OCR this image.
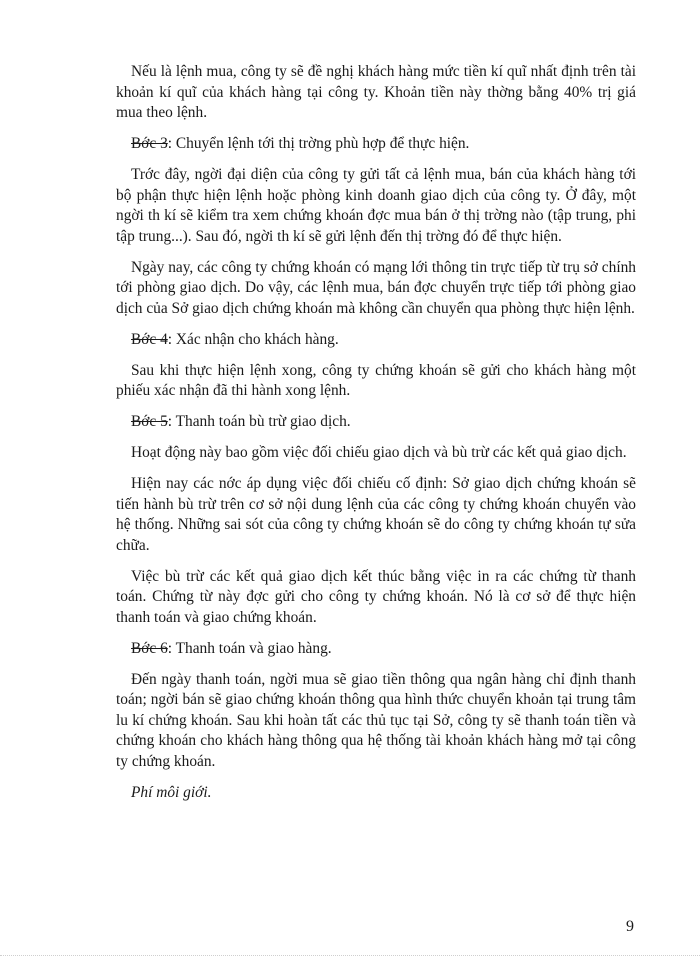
Nếu là lệnh mua, công ty sẽ đề nghị khách hàng mức tiền kí quĩ nhất định trên tài khoản kí quĩ của khách hàng tại công ty. Khoản tiền này thờng bằng 40% trị giá mua theo lệnh.

Bớc 3: Chuyển lệnh tới thị trờng phù hợp để thực hiện.

Trớc đây, ngời đại diện của công ty gửi tất cả lệnh mua, bán của khách hàng tới bộ phận thực hiện lệnh hoặc phòng kinh doanh giao dịch của công ty. Ở đây, một ngời th kí sẽ kiểm tra xem chứng khoán đợc mua bán ở thị trờng nào (tập trung, phi tập trung...). Sau đó, ngời th kí sẽ gửi lệnh đến thị trờng đó để thực hiện.

Ngày nay, các công ty chứng khoán có mạng lới thông tin trực tiếp từ trụ sở chính tới phòng giao dịch. Do vậy, các lệnh mua, bán đợc chuyển trực tiếp tới phòng giao dịch của Sở giao dịch chứng khoán mà không cần chuyển qua phòng thực hiện lệnh.

Bớc 4: Xác nhận cho khách hàng.

Sau khi thực hiện lệnh xong, công ty chứng khoán sẽ gửi cho khách hàng một phiếu xác nhận đã thi hành xong lệnh.

Bớc 5: Thanh toán bù trừ giao dịch.

Hoạt động này bao gồm việc đối chiếu giao dịch và bù trừ các kết quả giao dịch.

Hiện nay các nớc áp dụng việc đối chiếu cố định: Sở giao dịch chứng khoán sẽ tiến hành bù trừ trên cơ sở nội dung lệnh của các công ty chứng khoán chuyển vào hệ thống. Những sai sót của công ty chứng khoán sẽ do công ty chứng khoán tự sửa chữa.

Việc bù trừ các kết quả giao dịch kết thúc bằng việc in ra các chứng từ thanh toán. Chứng từ này đợc gửi cho công ty chứng khoán. Nó là cơ sở để thực hiện thanh toán và giao chứng khoán.

Bớc 6: Thanh toán và giao hàng.

Đến ngày thanh toán, ngời mua sẽ giao tiền thông qua ngân hàng chỉ định thanh toán; ngời bán sẽ giao chứng khoán thông qua hình thức chuyển khoản tại trung tâm lu kí chứng khoán. Sau khi hoàn tất các thủ tục tại Sở, công ty sẽ thanh toán tiền và chứng khoán cho khách hàng thông qua hệ thống tài khoản khách hàng mở tại công ty chứng khoán.

Phí môi giới.

9
